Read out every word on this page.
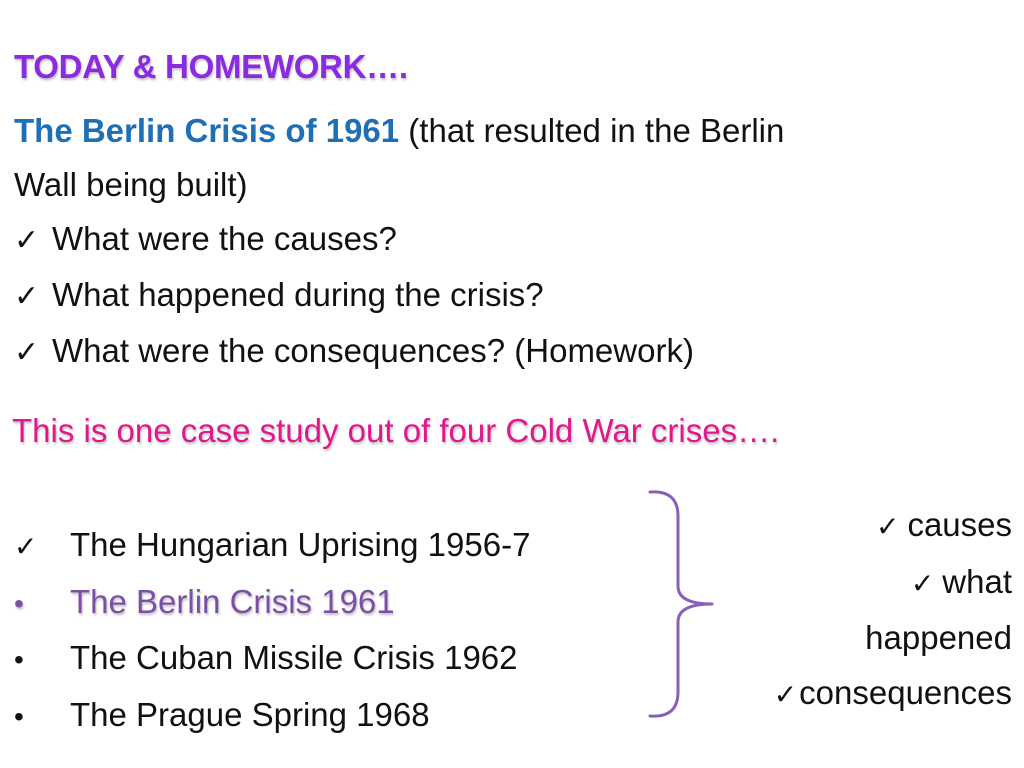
TODAY & HOMEWORK….
The Berlin Crisis of 1961 (that resulted in the Berlin
Wall being built)
✓ What were the causes?
✓ What happened during the crisis?
✓ What were the consequences? (Homework)
This is one case study out of four Cold War crises….
✓ The Hungarian Uprising 1956-7
• The Berlin Crisis 1961
• The Cuban Missile Crisis 1962
• The Prague Spring 1968
✓ causes
✓ what
happened
✓consequences
